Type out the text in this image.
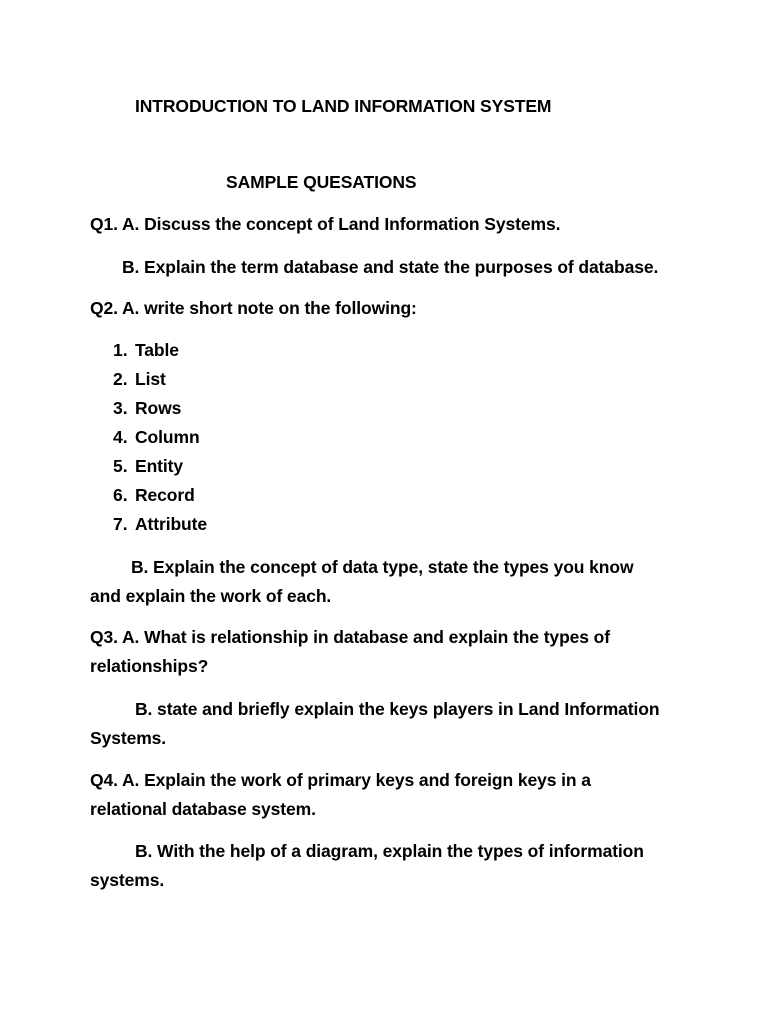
INTRODUCTION TO LAND INFORMATION SYSTEM
SAMPLE QUESATIONS
Q1. A. Discuss the concept of Land Information Systems.
B. Explain the term database and state the purposes of database.
Q2. A. write short note on the following:
1. Table
2. List
3. Rows
4. Column
5. Entity
6. Record
7. Attribute
B. Explain the concept of data type, state the types you know
and explain the work of each.
Q3. A. What is relationship in database and explain the types of
relationships?
B. state and briefly explain the keys players in Land Information
Systems.
Q4. A. Explain the work of primary keys and foreign keys in a
relational database system.
B. With the help of a diagram, explain the types of information
systems.
